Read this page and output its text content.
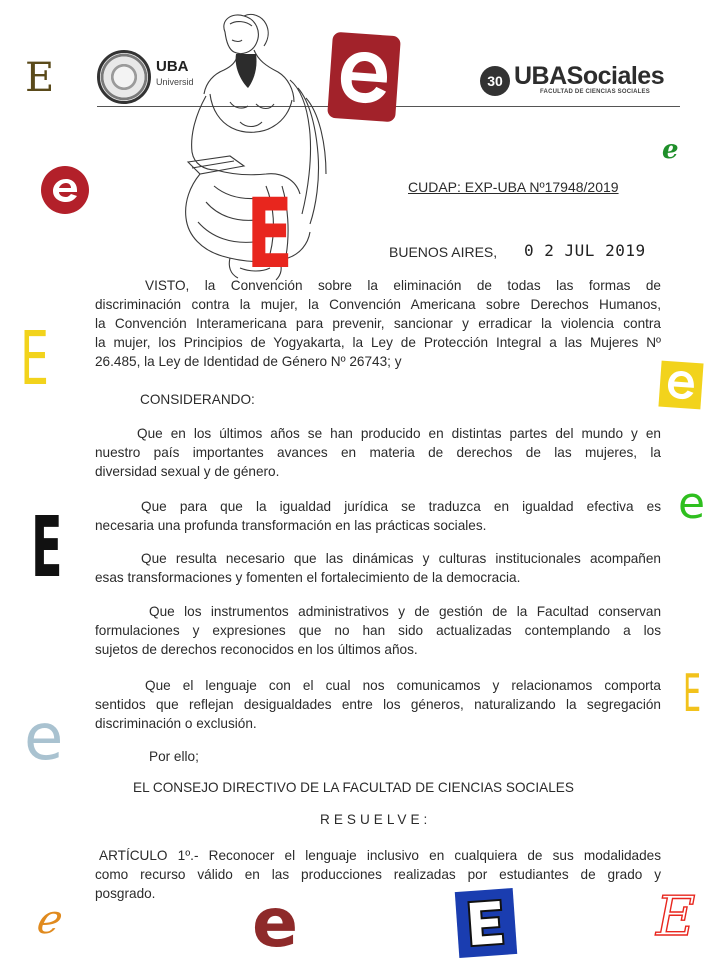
UBA
Universid	30 UBASociales
FACULTAD DE CIENCIAS SOCIALES
CUDAP: EXP-UBA Nº17948/2019
BUENOS AIRES, 0 2 JUL 2019
VISTO, la Convención sobre la eliminación de todas las formas de
discriminación contra la mujer, la Convención Americana sobre Derechos Humanos,
la Convención Interamericana para prevenir, sancionar y erradicar la violencia contra
la mujer, los Principios de Yogyakarta, la Ley de Protección Integral a las Mujeres Nº
26.485, la Ley de Identidad de Género Nº 26743; y
CONSIDERANDO:
Que en los últimos años se han producido en distintas partes del mundo y en
nuestro país importantes avances en materia de derechos de las mujeres, la
diversidad sexual y de género.
Que para que la igualdad jurídica se traduzca en igualdad efectiva es
necesaria una profunda transformación en las prácticas sociales.
Que resulta necesario que las dinámicas y culturas institucionales acompañen
esas transformaciones y fomenten el fortalecimiento de la democracia.
Que los instrumentos administrativos y de gestión de la Facultad conservan
formulaciones y expresiones que no han sido actualizadas contemplando a los
sujetos de derechos reconocidos en los últimos años.
Que el lenguaje con el cual nos comunicamos y relacionamos comporta
sentidos que reflejan desigualdades entre los géneros, naturalizando la segregación
discriminación o exclusión.
Por ello;
EL CONSEJO DIRECTIVO DE LA FACULTAD DE CIENCIAS SOCIALES
RESUELVE:
ARTÍCULO 1º.- Reconocer el lenguaje inclusivo en cualquiera de sus modalidades
como recurso válido en las producciones realizadas por estudiantes de grado y
posgrado.
E
E
e
E
e
E
E
e
ℯ	e	E
